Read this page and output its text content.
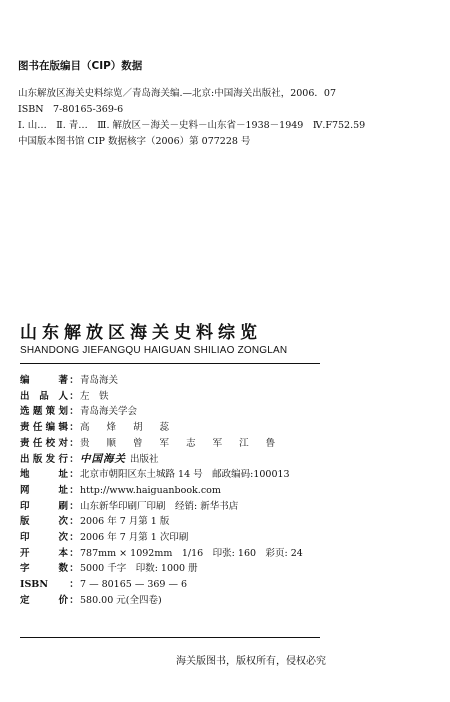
图书在版编目（CIP）数据
山东解放区海关史料综览／青岛海关编.—北京:中国海关出版社，2006．07
ISBN　7-80165-369-6
Ⅰ. 山…　Ⅱ. 青…　Ⅲ. 解放区－海关－史料－山东省－1938－1949　Ⅳ.F752.59
中国版本图书馆 CIP 数据核字（2006）第 077228 号
山东解放区海关史料综览
SHANDONG JIEFANGQU HAIGUAN SHILIAO ZONGLAN
编　著 ： 青岛海关
出品人 ： 左　铁
选题策划 ： 青岛海关学会
责任编辑 ： 高 烽 胡 蕊
责任校对 ： 贵 顺 曾 军 志 军 江 鲁
出版发行 ： 中国海关 出版社
地　址 ： 北京市朝阳区东土城路 14 号　邮政编码:100013
网　址 ： http://www.haiguanbook.com
印　刷 ： 山东新华印刷厂印刷　经销: 新华书店
版　次 ： 2006 年 7 月第 1 版
印　次 ： 2006 年 7 月第 1 次印刷
开　本 ： 787mm × 1092mm　1/16　印张: 160　彩页: 24
字　数 ： 5000 千字　印数: 1000 册
ISBN	： 7 — 80165 — 369 — 6
定　价 ： 580.00 元(全四卷)
海关版图书，版权所有，侵权必究
